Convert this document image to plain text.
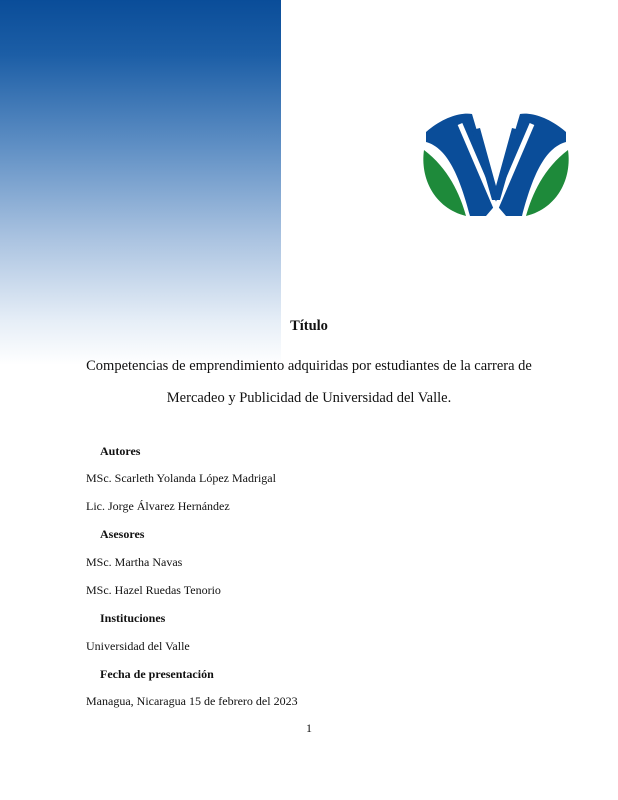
Título
Competencias de emprendimiento adquiridas por estudiantes de la carrera de
Mercadeo y Publicidad de Universidad del Valle.
Autores
MSc. Scarleth Yolanda López Madrigal
Lic. Jorge Álvarez Hernández
Asesores
MSc. Martha Navas
MSc. Hazel Ruedas Tenorio
Instituciones
Universidad del Valle
Fecha de presentación
Managua, Nicaragua 15 de febrero del 2023
1
